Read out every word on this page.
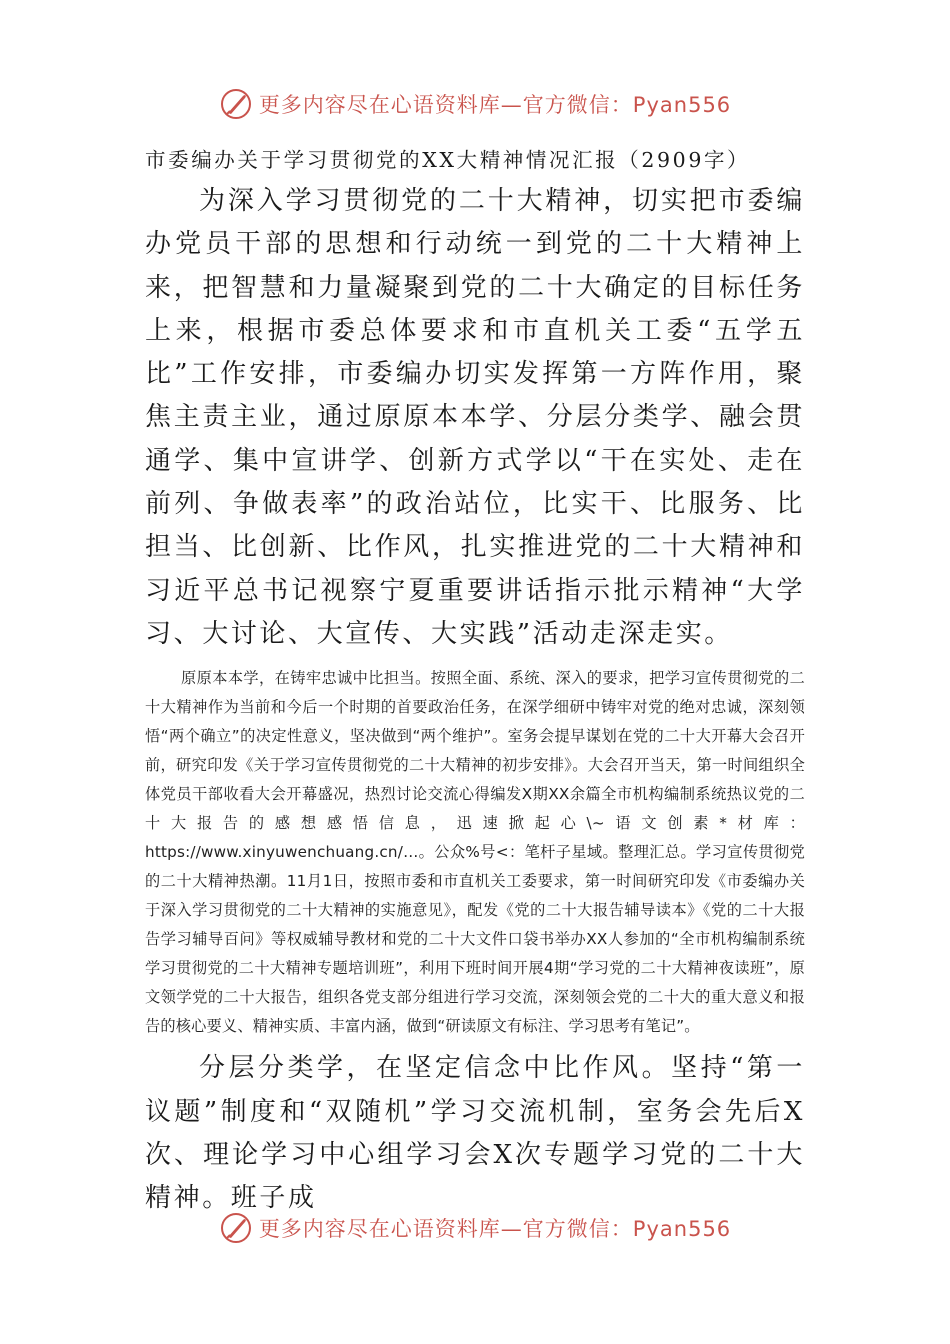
更多内容尽在心语资料库—官方微信：Pyan556
市委编办关于学习贯彻党的XX大精神情况汇报（2909字）

为深入学习贯彻党的二十大精神，切实把市委编办党员干部的思想和行动统一到党的二十大精神上来，把智慧和力量凝聚到党的二十大确定的目标任务上来，根据市委总体要求和市直机关工委“五学五比”工作安排，市委编办切实发挥第一方阵作用，聚焦主责主业，通过原原本本学、分层分类学、融会贯通学、集中宣讲学、创新方式学以“干在实处、走在前列、争做表率”的政治站位，比实干、比服务、比担当、比创新、比作风，扎实推进党的二十大精神和习近平总书记视察宁夏重要讲话指示批示精神“大学习、大讨论、大宣传、大实践”活动走深走实。

原原本本学，在铸牢忠诚中比担当。按照全面、系统、深入的要求，把学习宣传贯彻党的二十大精神作为当前和今后一个时期的首要政治任务，在深学细研中铸牢对党的绝对忠诚，深刻领悟“两个确立”的决定性意义，坚决做到“两个维护”。室务会提早谋划在党的二十大开幕大会召开前，研究印发《关于学习宣传贯彻党的二十大精神的初步安排》。大会召开当天，第一时间组织全体党员干部收看大会开幕盛况，热烈讨论交流心得编发X期XX余篇全市机构编制系统热议党的二十大报告的感想感悟信息，迅速掀起心\~语文创素*材库：https://www.xinyuwenchuang.cn/…。公众%号<：笔杆子星域。整理汇总。学习宣传贯彻党的二十大精神热潮。11月1日，按照市委和市直机关工委要求，第一时间研究印发《市委编办关于深入学习贯彻党的二十大精神的实施意见》，配发《党的二十大报告辅导读本》《党的二十大报告学习辅导百问》等权威辅导教材和党的二十大文件口袋书举办XX人参加的“全市机构编制系统学习贯彻党的二十大精神专题培训班”，利用下班时间开展4期“学习党的二十大精神夜读班”，原文领学党的二十大报告，组织各党支部分组进行学习交流，深刻领会党的二十大的重大意义和报告的核心要义、精神实质、丰富内涵，做到“研读原文有标注、学习思考有笔记”。

分层分类学，在坚定信念中比作风。坚持“第一议题”制度和“双随机”学习交流机制，室务会先后X次、理论学习中心组学习会X次专题学习党的二十大精神。班子成

更多内容尽在心语资料库—官方微信：Pyan556
